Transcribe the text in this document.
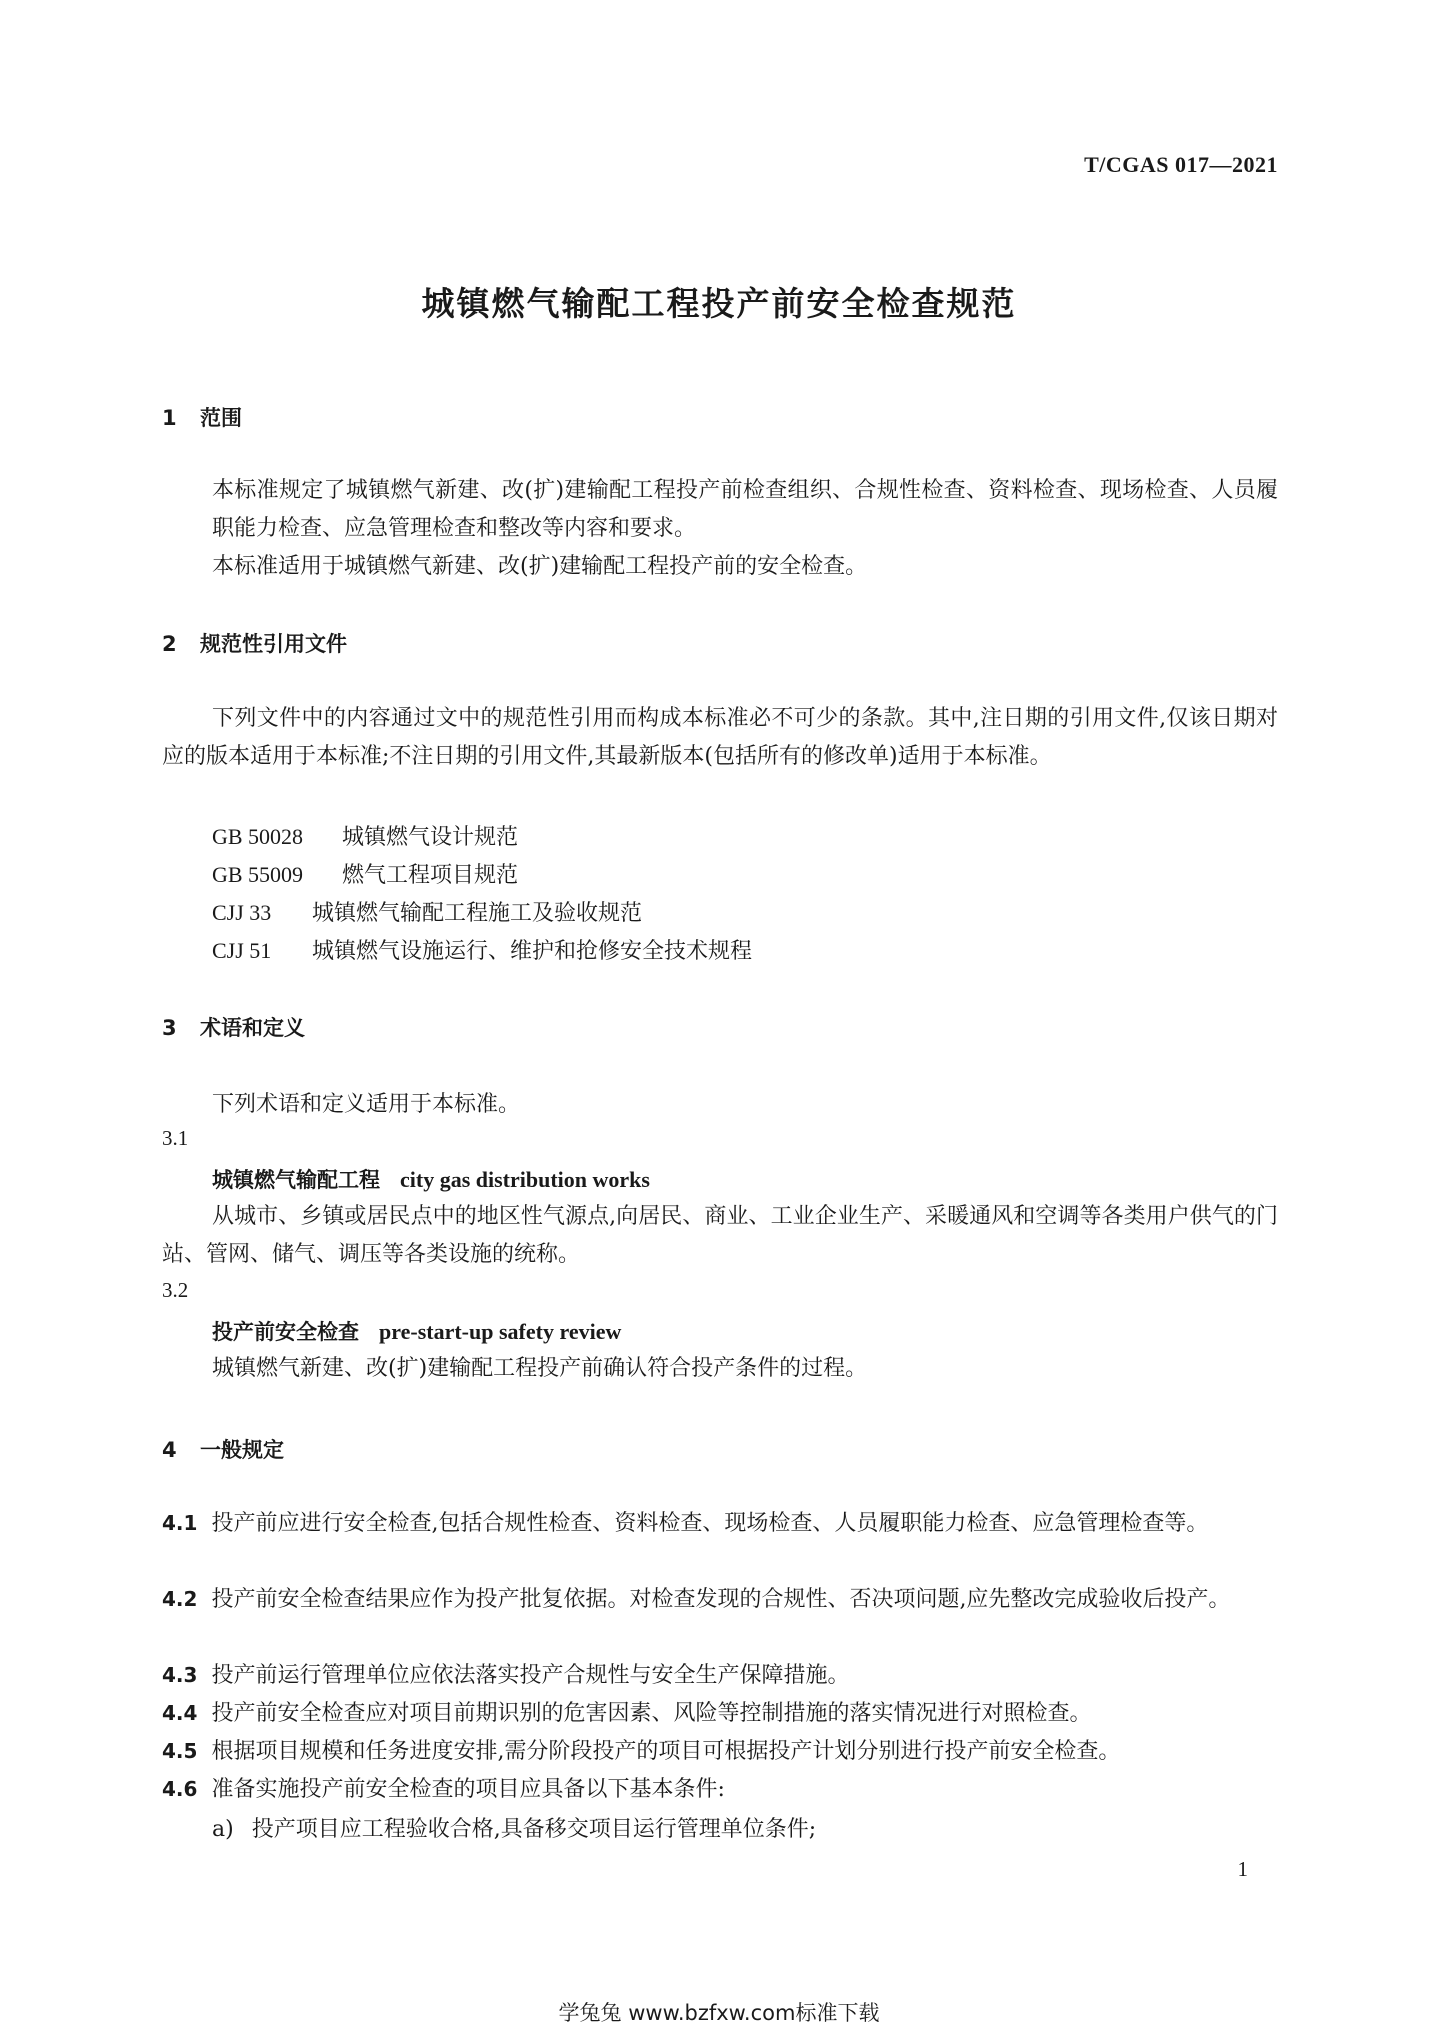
T/CGAS 017—2021
城镇燃气输配工程投产前安全检查规范
1 范围
本标准规定了城镇燃气新建、改(扩)建输配工程投产前检查组织、合规性检查、资料检查、现场检查、人员履职能力检查、应急管理检查和整改等内容和要求。
本标准适用于城镇燃气新建、改(扩)建输配工程投产前的安全检查。
2 规范性引用文件
下列文件中的内容通过文中的规范性引用而构成本标准必不可少的条款。其中,注日期的引用文件,仅该日期对应的版本适用于本标准;不注日期的引用文件,其最新版本(包括所有的修改单)适用于本标准。
GB 50028 城镇燃气设计规范
GB 55009 燃气工程项目规范
CJJ 33 城镇燃气输配工程施工及验收规范
CJJ 51 城镇燃气设施运行、维护和抢修安全技术规程
3 术语和定义
下列术语和定义适用于本标准。
3.1
城镇燃气输配工程 city gas distribution works
从城市、乡镇或居民点中的地区性气源点,向居民、商业、工业企业生产、采暖通风和空调等各类用户供气的门站、管网、储气、调压等各类设施的统称。
3.2
投产前安全检查 pre-start-up safety review
城镇燃气新建、改(扩)建输配工程投产前确认符合投产条件的过程。
4 一般规定
4.1 投产前应进行安全检查,包括合规性检查、资料检查、现场检查、人员履职能力检查、应急管理检查等。
4.2 投产前安全检查结果应作为投产批复依据。对检查发现的合规性、否决项问题,应先整改完成验收后投产。
4.3 投产前运行管理单位应依法落实投产合规性与安全生产保障措施。
4.4 投产前安全检查应对项目前期识别的危害因素、风险等控制措施的落实情况进行对照检查。
4.5 根据项目规模和任务进度安排,需分阶段投产的项目可根据投产计划分别进行投产前安全检查。
4.6 准备实施投产前安全检查的项目应具备以下基本条件:
a) 投产项目应工程验收合格,具备移交项目运行管理单位条件;
1
学兔兔 www.bzfxw.com标准下载
